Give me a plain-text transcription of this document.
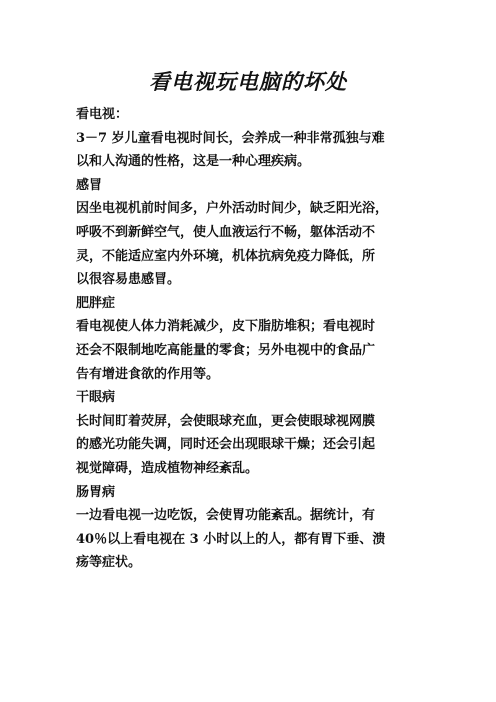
看电视玩电脑的坏处
看电视：
3－7 岁儿童看电视时间长，会养成一种非常孤独与难
以和人沟通的性格，这是一种心理疾病。
感冒
因坐电视机前时间多，户外活动时间少，缺乏阳光浴，
呼吸不到新鲜空气，使人血液运行不畅，躯体活动不
灵，不能适应室内外环境，机体抗病免疫力降低，所
以很容易患感冒。
肥胖症
看电视使人体力消耗减少，皮下脂肪堆积；看电视时
还会不限制地吃高能量的零食；另外电视中的食品广
告有增进食欲的作用等。
干眼病
长时间盯着荧屏，会使眼球充血，更会使眼球视网膜
的感光功能失调，同时还会出现眼球干燥；还会引起
视觉障碍，造成植物神经紊乱。
肠胃病
一边看电视一边吃饭，会使胃功能紊乱。据统计，有
40％以上看电视在 3 小时以上的人，都有胃下垂、溃
疡等症状。
